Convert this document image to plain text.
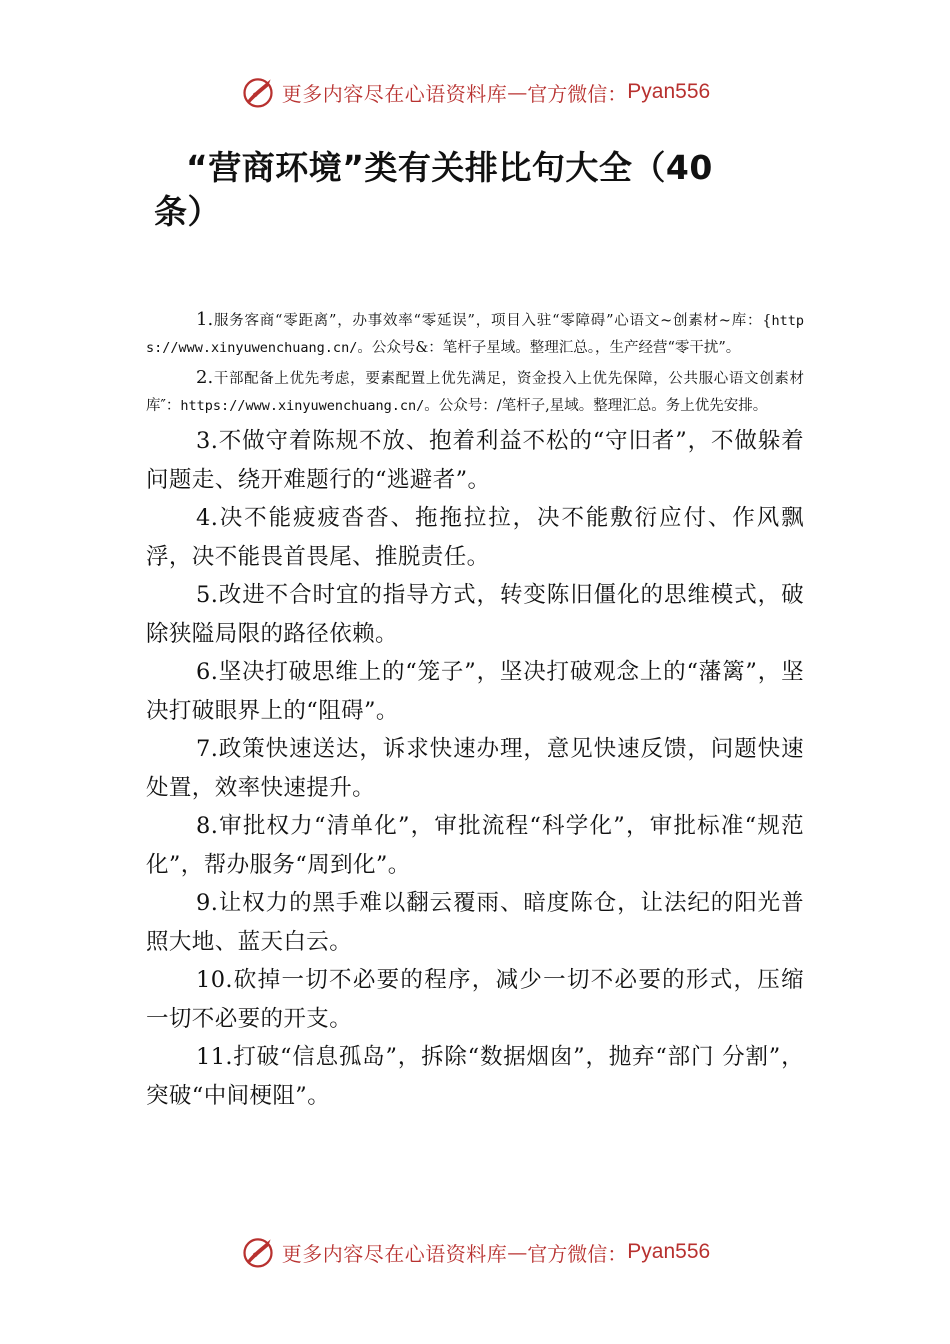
更多内容尽在心语资料库 — 官方微信： Pyan556
“营商环境”类有关排比句大全（40
条）

1.服务客商“零距离”，办事效率“零延误”，项目入驻“零障碍”心语文~创素材~库：{https://www.xinyuwenchuang.cn/。公众号&：笔杆子星域。整理汇总。，生产经营“零干扰”。

2.干部配备上优先考虑，要素配置上优先满足，资金投入上优先保障，公共服心语文创素材库″：https://www.xinyuwenchuang.cn/。公众号：/笔杆子,星域。整理汇总。务上优先安排。

3.不做守着陈规不放、抱着利益不松的“守旧者”，不做躲着问题走、绕开难题行的“逃避者”。

4.决不能疲疲沓沓、拖拖拉拉，决不能敷衍应付、作风飘浮，决不能畏首畏尾、推脱责任。

5.改进不合时宜的指导方式，转变陈旧僵化的思维模式，破除狭隘局限的路径依赖。

6.坚决打破思维上的“笼子”，坚决打破观念上的“藩篱”，坚决打破眼界上的“阻碍”。

7.政策快速送达，诉求快速办理，意见快速反馈，问题快速处置，效率快速提升。

8.审批权力“清单化”，审批流程“科学化”，审批标准“规范化”，帮办服务“周到化”。

9.让权力的黑手难以翻云覆雨、暗度陈仓，让法纪的阳光普照大地、蓝天白云。

10.砍掉一切不必要的程序，减少一切不必要的形式，压缩一切不必要的开支。

11.打破“信息孤岛”，拆除“数据烟囱”，抛弃“部门 分割”，突破“中间梗阻”。

更多内容尽在心语资料库 — 官方微信： Pyan556
